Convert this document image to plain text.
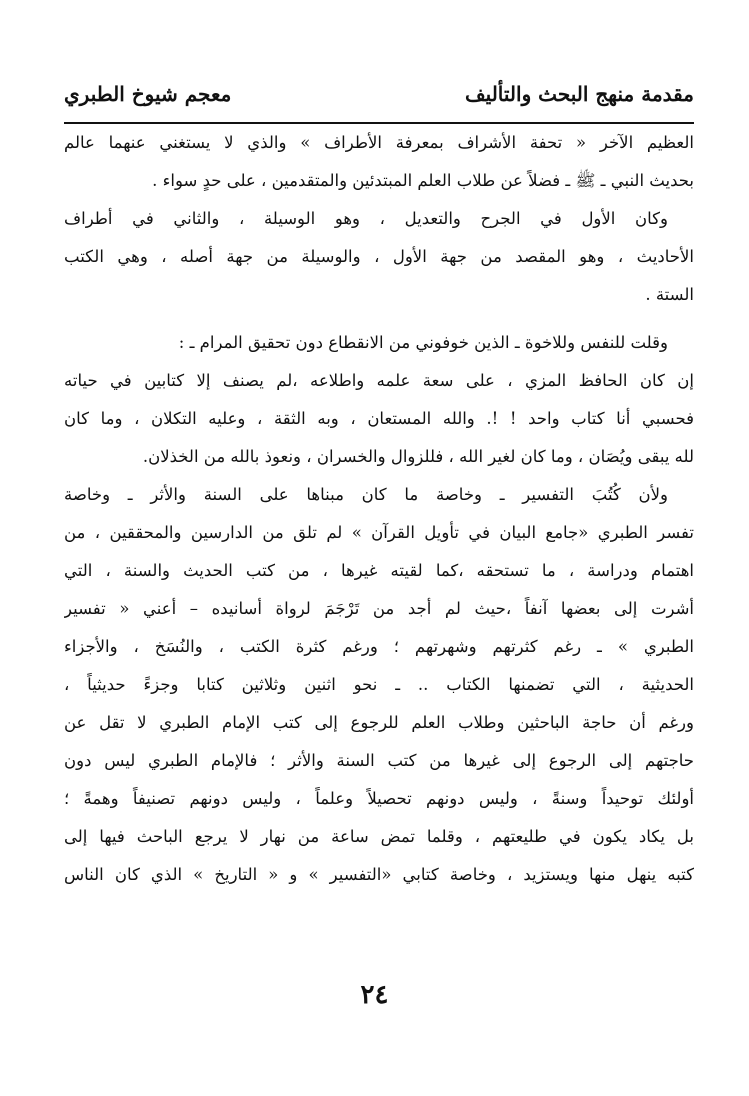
مقدمة منهج البحث والتأليف
معجم شيوخ الطبري
العظيم الآخر « تحفة الأشراف بمعرفة الأطراف » والذي لا يستغني عنهما عالم
بحديث النبي ـ ﷺ ـ فضلاً عن طلاب العلم المبتدئين والمتقدمين ، على حدٍ سواء .
وكان الأول في الجرح والتعديل ، وهو الوسيلة ، والثاني في أطراف
الأحاديث ، وهو المقصد من جهة الأول ، والوسيلة من جهة أصله ، وهي الكتب
الستة .
وقلت للنفس وللاخوة ـ الذين خوفوني من الانقطاع دون تحقيق المرام ـ :
إن كان الحافظ المزي ، على سعة علمه واطلاعه ،لم يصنف إلا كتابين في حياته
فحسبي أنا كتاب واحد ! !. والله المستعان ، وبه الثقة ، وعليه التكلان ، وما كان
لله يبقى ويُصَان ، وما كان لغير الله ، فللزوال والخسران ، ونعوذ بالله من الخذلان.
ولأن كُتُبَ التفسير ـ وخاصة ما كان مبناها على السنة والأثر ـ وخاصة
تفسر الطبري «جامع البيان في تأويل القرآن » لم تلق من الدارسين والمحققين ، من
اهتمام ودراسة ، ما تستحقه ،كما لقيته غيرها ، من كتب الحديث والسنة ، التي
أشرت إلى بعضها آنفاً ،حيث لم أجد من تَرْجَمَ لرواة أسانيده – أعني « تفسير
الطبري » ـ رغم كثرتهم وشهرتهم ؛ ورغم كثرة الكتب ، والنُسَخ ، والأجزاء
الحديثية ، التي تضمنها الكتاب .. ـ نحو اثنين وثلاثين كتابا وجزءً حديثياً ،
ورغم أن حاجة الباحثين وطلاب العلم للرجوع إلى كتب الإمام الطبري لا تقل عن
حاجتهم إلى الرجوع إلى غيرها من كتب السنة والأثر ؛ فالإمام الطبري ليس دون
أولئك توحيداً وسنةً ، وليس دونهم تحصيلاً وعلماً ، وليس دونهم تصنيفاً وهمةً ؛
بل يكاد يكون في طليعتهم ، وقلما تمض ساعة من نهار لا يرجع الباحث فيها إلى
كتبه ينهل منها ويستزيد ، وخاصة كتابي «التفسير » و « التاريخ » الذي كان الناس
٢٤
